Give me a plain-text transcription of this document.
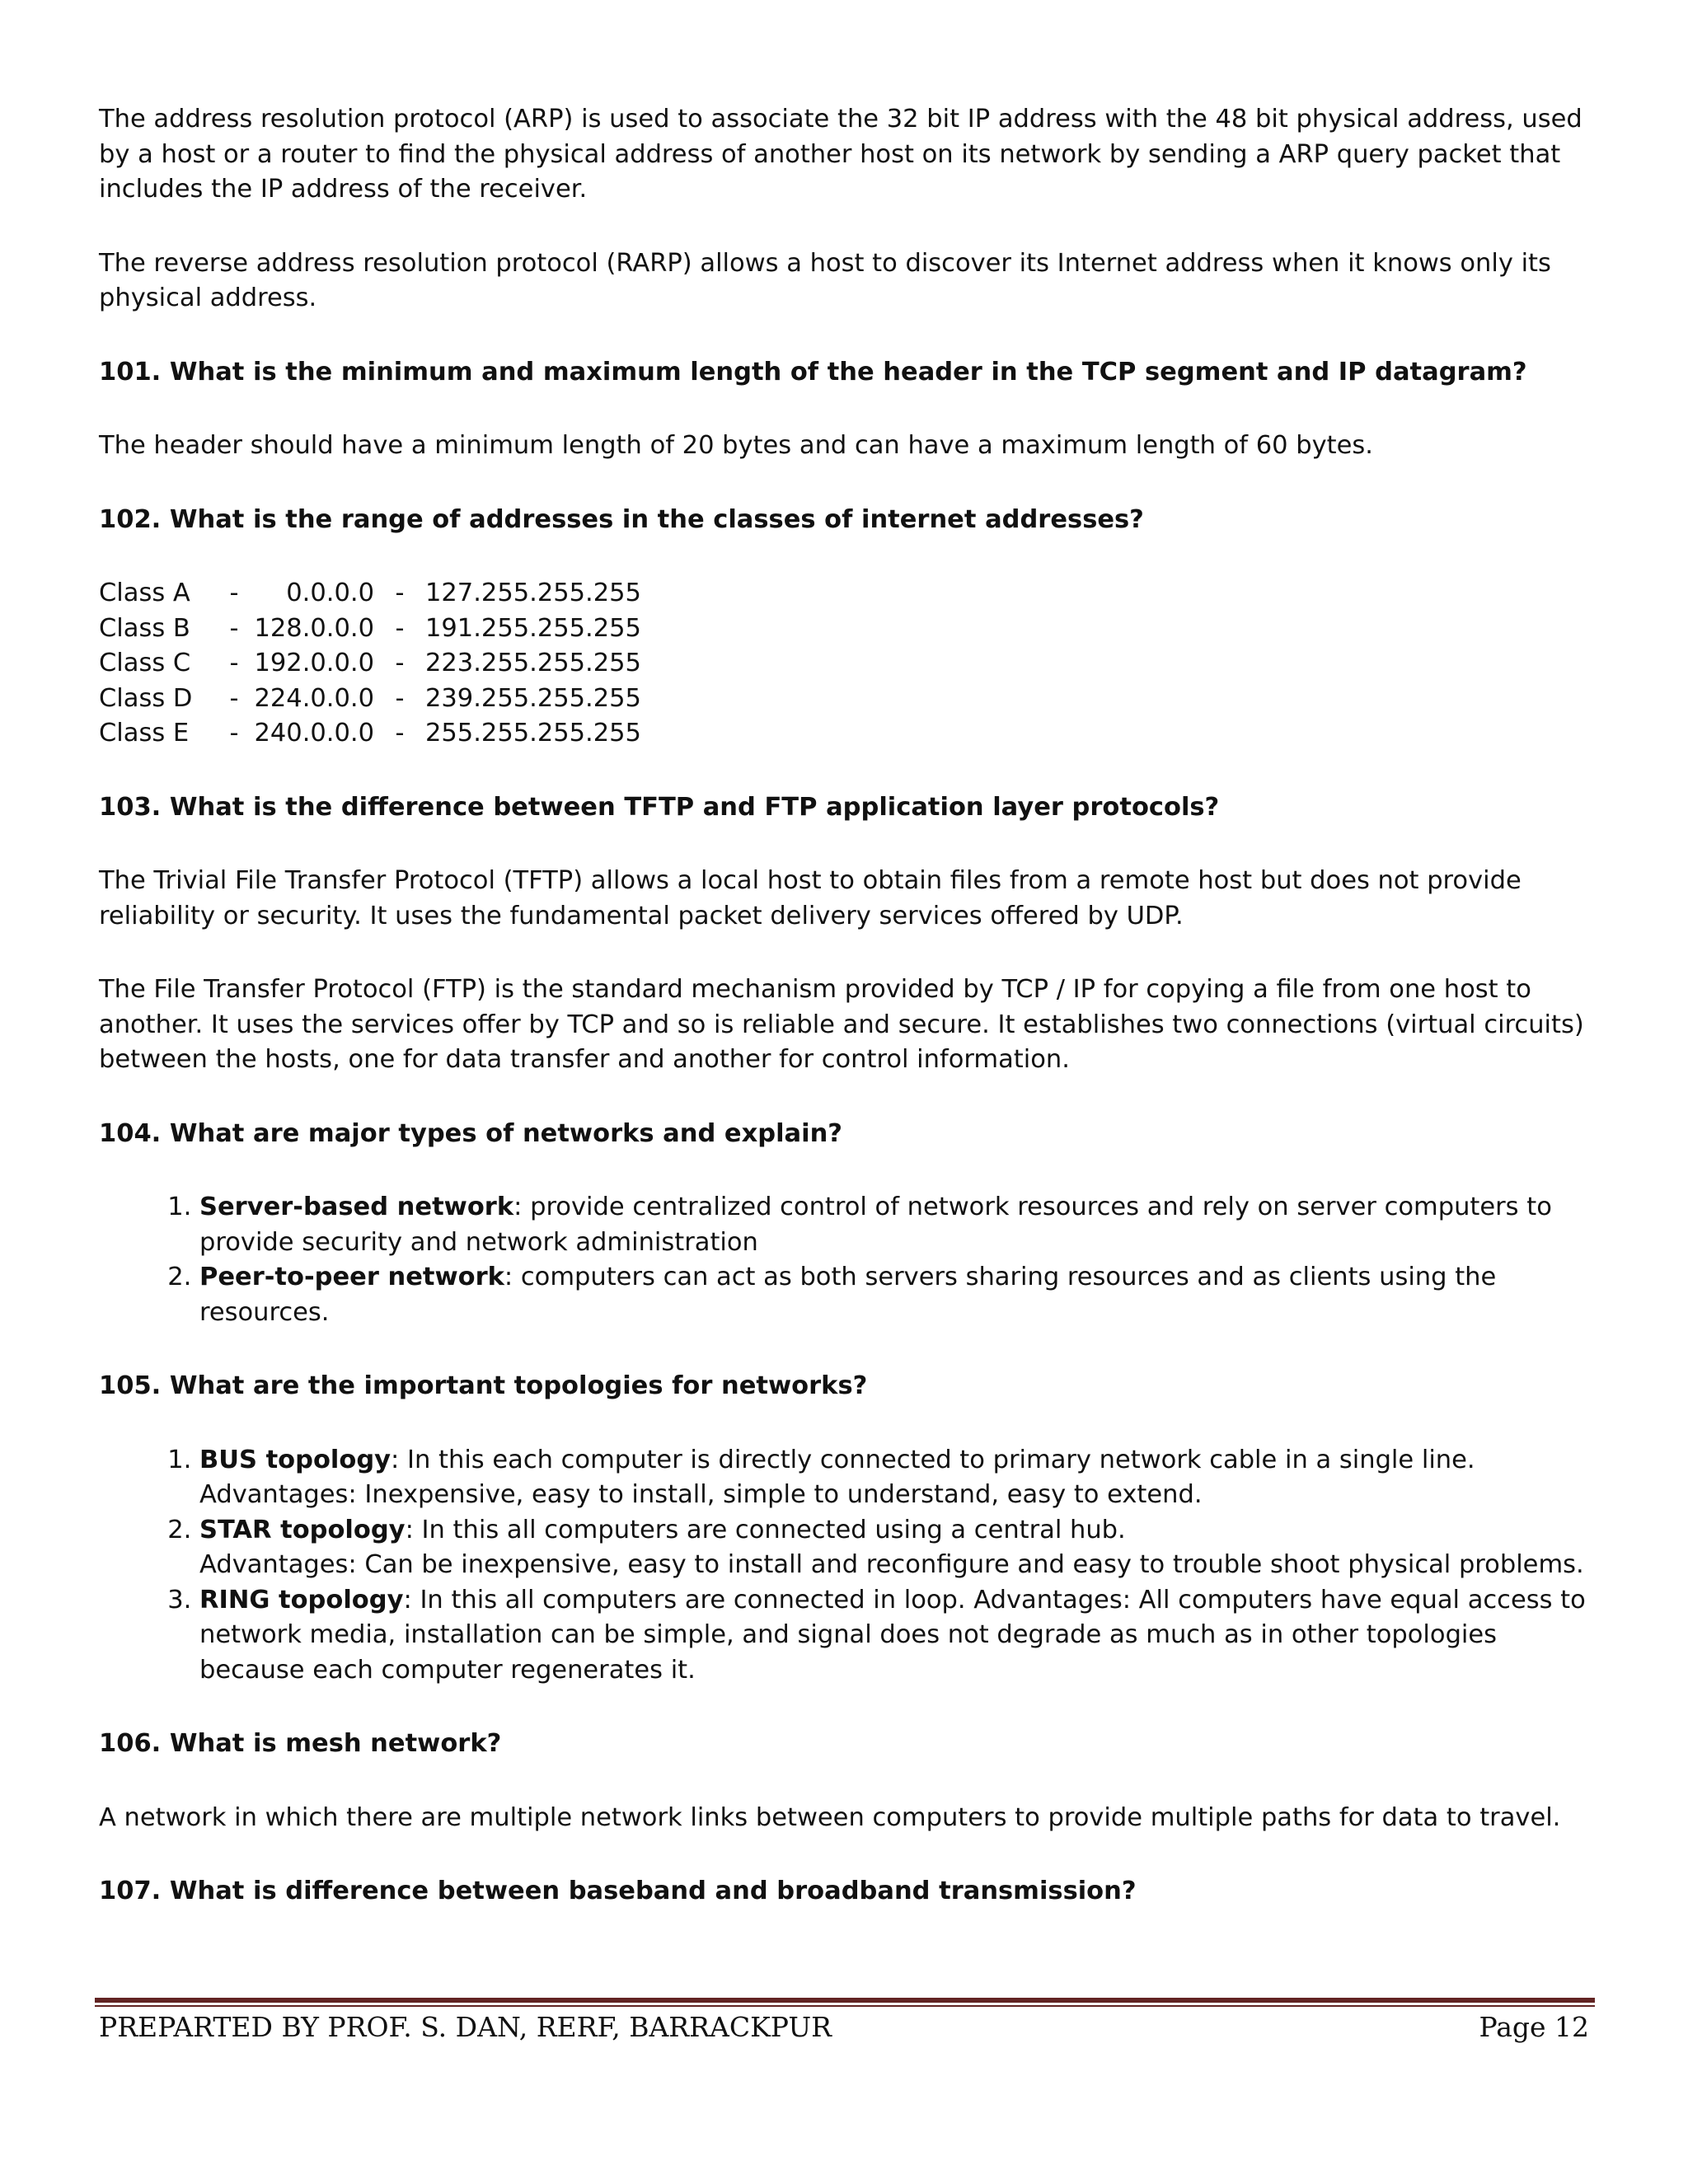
The address resolution protocol (ARP) is used to associate the 32 bit IP address with the 48 bit physical address, used by a host or a router to find the physical address of another host on its network by sending a ARP query packet that includes the IP address of the receiver.

The reverse address resolution protocol (RARP) allows a host to discover its Internet address when it knows only its physical address.

101. What is the minimum and maximum length of the header in the TCP segment and IP datagram?

The header should have a minimum length of 20 bytes and can have a maximum length of 60 bytes.

102. What is the range of addresses in the classes of internet addresses?

Class A	-	0.0.0.0 - 127.255.255.255
Class B	- 128.0.0.0 - 191.255.255.255
Class C	- 192.0.0.0 - 223.255.255.255
Class D	- 224.0.0.0 - 239.255.255.255
Class E	- 240.0.0.0 - 255.255.255.255

103. What is the difference between TFTP and FTP application layer protocols?

The Trivial File Transfer Protocol (TFTP) allows a local host to obtain files from a remote host but does not provide reliability or security. It uses the fundamental packet delivery services offered by UDP.

The File Transfer Protocol (FTP) is the standard mechanism provided by TCP / IP for copying a file from one host to another. It uses the services offer by TCP and so is reliable and secure. It establishes two connections (virtual circuits) between the hosts, one for data transfer and another for control information.

104. What are major types of networks and explain?

1. Server-based network: provide centralized control of network resources and rely on server computers to provide security and network administration
2. Peer-to-peer network: computers can act as both servers sharing resources and as clients using the resources.

105. What are the important topologies for networks?

1. BUS topology: In this each computer is directly connected to primary network cable in a single line.
Advantages: Inexpensive, easy to install, simple to understand, easy to extend.
2. STAR topology: In this all computers are connected using a central hub.
Advantages: Can be inexpensive, easy to install and reconfigure and easy to trouble shoot physical problems.
3. RING topology: In this all computers are connected in loop. Advantages: All computers have equal access to network media, installation can be simple, and signal does not degrade as much as in other topologies because each computer regenerates it.

106. What is mesh network?

A network in which there are multiple network links between computers to provide multiple paths for data to travel.

107. What is difference between baseband and broadband transmission?

PREPARTED BY PROF. S. DAN, RERF, BARRACKPUR	Page 12
